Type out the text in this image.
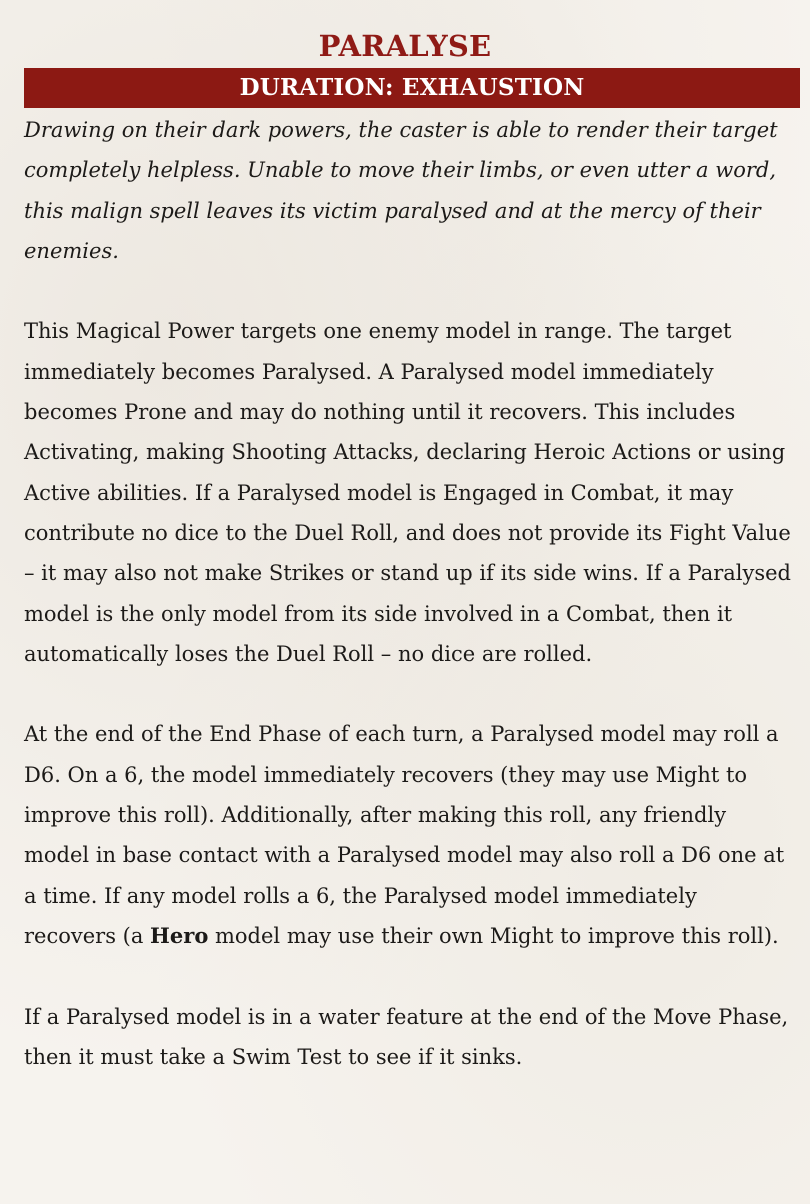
PARALYSE
DURATION: EXHAUSTION

Drawing on their dark powers, the caster is able to render their target completely helpless. Unable to move their limbs, or even utter a word, this malign spell leaves its victim paralysed and at the mercy of their enemies.

This Magical Power targets one enemy model in range. The target immediately becomes Paralysed. A Paralysed model immediately becomes Prone and may do nothing until it recovers. This includes Activating, making Shooting Attacks, declaring Heroic Actions or using Active abilities. If a Paralysed model is Engaged in Combat, it may contribute no dice to the Duel Roll, and does not provide its Fight Value – it may also not make Strikes or stand up if its side wins. If a Paralysed model is the only model from its side involved in a Combat, then it automatically loses the Duel Roll – no dice are rolled.

At the end of the End Phase of each turn, a Paralysed model may roll a D6. On a 6, the model immediately recovers (they may use Might to improve this roll). Additionally, after making this roll, any friendly model in base contact with a Paralysed model may also roll a D6 one at a time. If any model rolls a 6, the Paralysed model immediately recovers (a Hero model may use their own Might to improve this roll).

If a Paralysed model is in a water feature at the end of the Move Phase, then it must take a Swim Test to see if it sinks.
